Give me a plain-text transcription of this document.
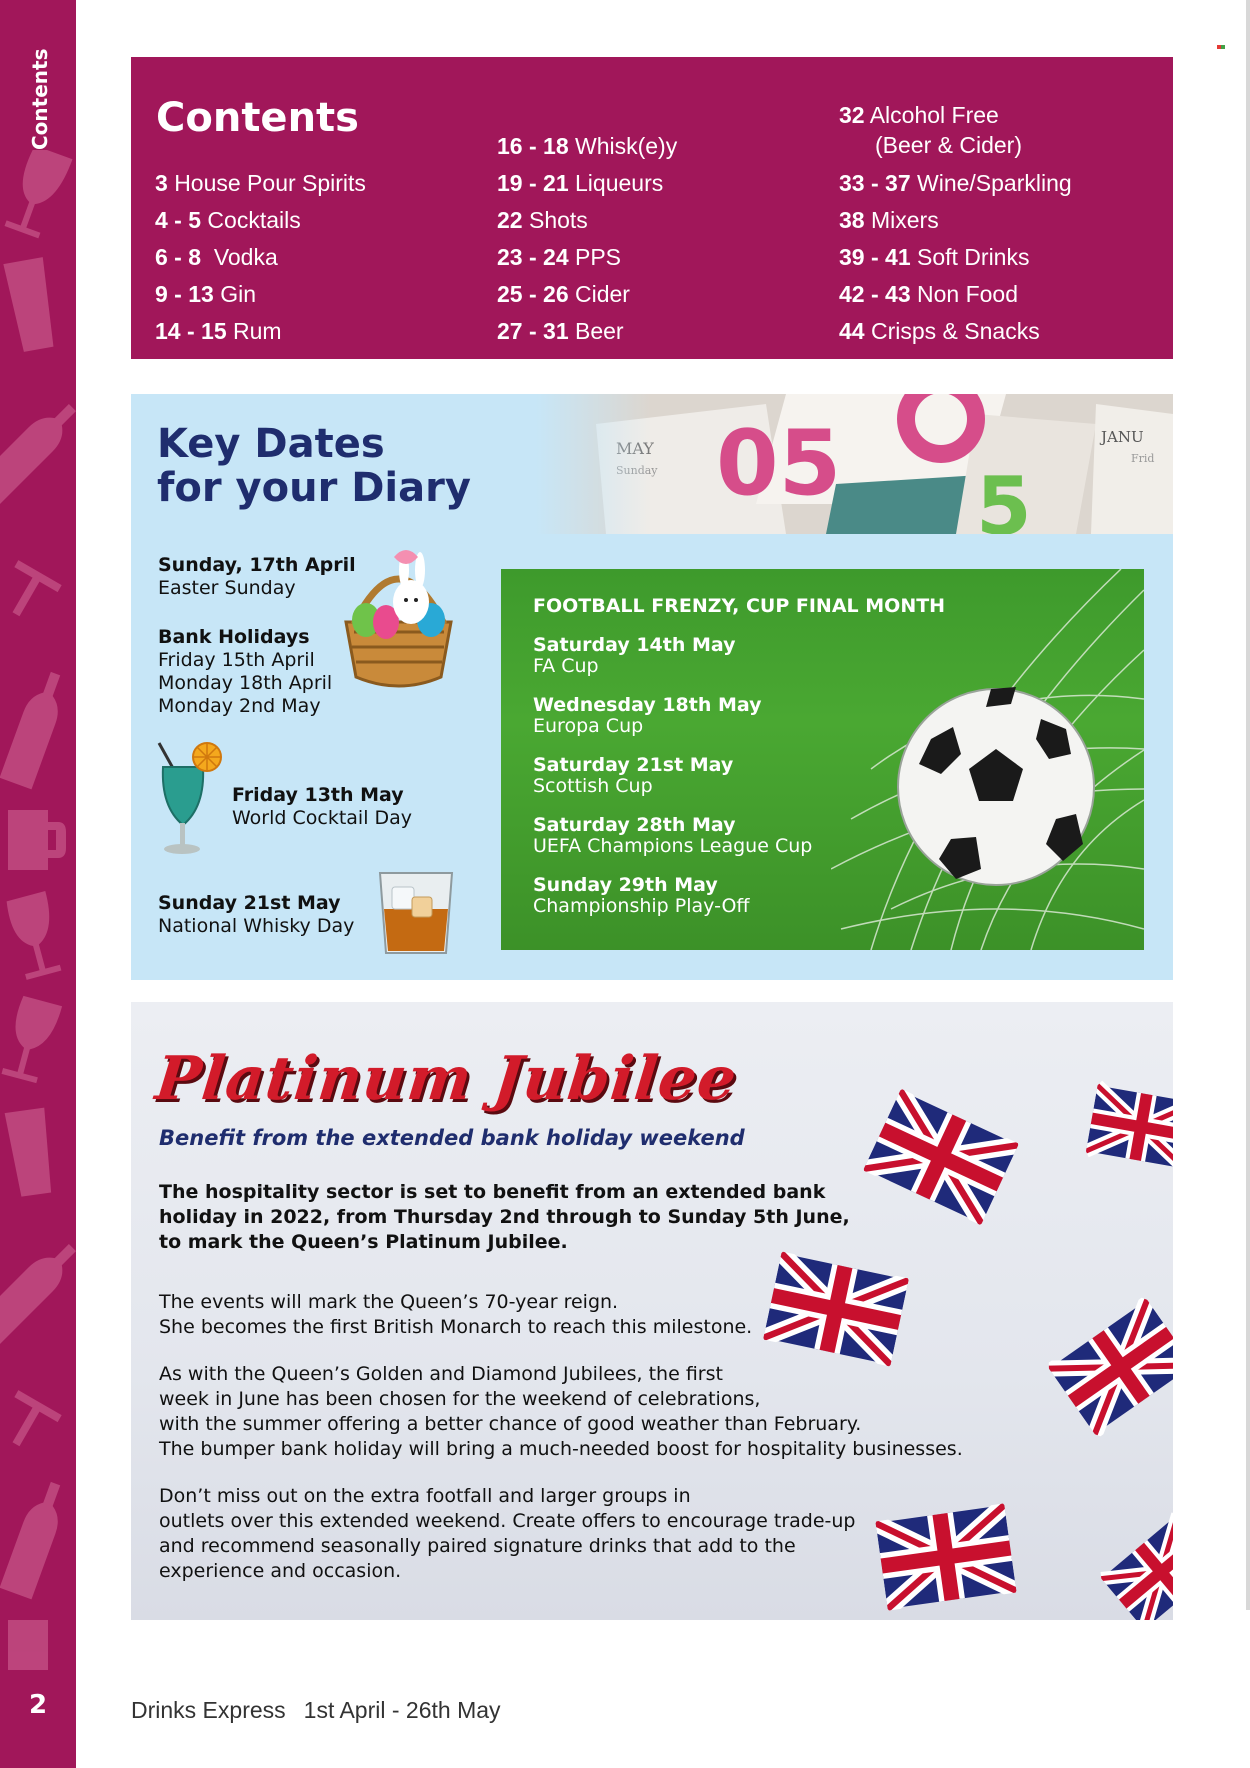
Contents
2
Contents
3 House Pour Spirits
4 - 5 Cocktails
6 - 8 Vodka
9 - 13 Gin
14 - 15 Rum
16 - 18 Whisk(e)y
19 - 21 Liqueurs
22 Shots
23 - 24 PPS
25 - 26 Cider
27 - 31 Beer
32 Alcohol Free
(Beer & Cider)
33 - 37 Wine/Sparkling
38 Mixers
39 - 41 Soft Drinks
42 - 43 Non Food
44 Crisps & Snacks
Key Dates
for your Diary
Sunday, 17th April
Easter Sunday
Bank Holidays
Friday 15th April
Monday 18th April
Monday 2nd May
Friday 13th May
World Cocktail Day
Sunday 21st May
National Whisky Day
FOOTBALL FRENZY, CUP FINAL MONTH
Saturday 14th May
FA Cup
Wednesday 18th May
Europa Cup
Saturday 21st May
Scottish Cup
Saturday 28th May
UEFA Champions League Cup
Sunday 29th May
Championship Play-Off
Platinum Jubilee
Benefit from the extended bank holiday weekend
The hospitality sector is set to benefit from an extended bank
holiday in 2022, from Thursday 2nd through to Sunday 5th June,
to mark the Queen’s Platinum Jubilee.
The events will mark the Queen’s 70-year reign.
She becomes the first British Monarch to reach this milestone.
As with the Queen’s Golden and Diamond Jubilees, the first
week in June has been chosen for the weekend of celebrations,
with the summer offering a better chance of good weather than February.
The bumper bank holiday will bring a much-needed boost for hospitality businesses.
Don’t miss out on the extra footfall and larger groups in
outlets over this extended weekend. Create offers to encourage trade-up
and recommend seasonally paired signature drinks that add to the
experience and occasion.
Drinks Express 1st April - 26th May
